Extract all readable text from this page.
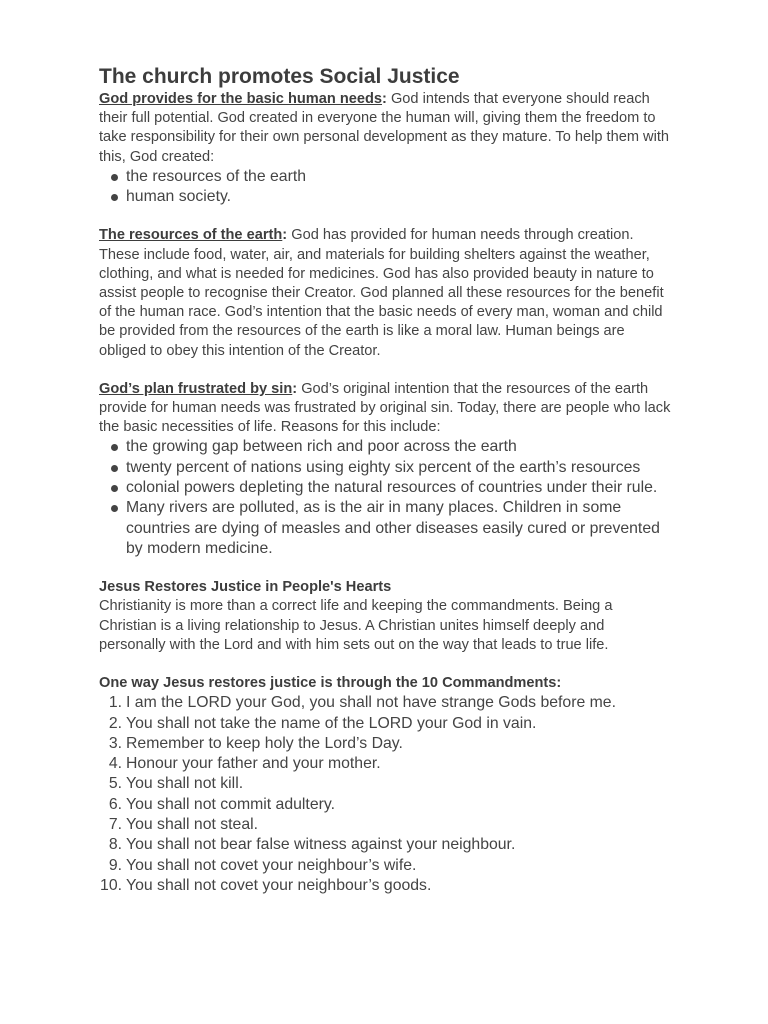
The church promotes Social Justice

God provides for the basic human needs: God intends that everyone should reach their full potential. God created in everyone the human will, giving them the freedom to take responsibility for their own personal development as they mature. To help them with this, God created:

the resources of the earth
human society.

The resources of the earth: God has provided for human needs through creation. These include food, water, air, and materials for building shelters against the weather, clothing, and what is needed for medicines. God has also provided beauty in nature to assist people to recognise their Creator. God planned all these resources for the benefit of the human race. God’s intention that the basic needs of every man, woman and child be provided from the resources of the earth is like a moral law. Human beings are obliged to obey this intention of the Creator.

God’s plan frustrated by sin: God’s original intention that the resources of the earth provide for human needs was frustrated by original sin. Today, there are people who lack the basic necessities of life. Reasons for this include:

the growing gap between rich and poor across the earth
twenty percent of nations using eighty six percent of the earth’s resources
colonial powers depleting the natural resources of countries under their rule.
Many rivers are polluted, as is the air in many places. Children in some countries are dying of measles and other diseases easily cured or prevented by modern medicine.

Jesus Restores Justice in People's Hearts

Christianity is more than a correct life and keeping the commandments. Being a Christian is a living relationship to Jesus. A Christian unites himself deeply and personally with the Lord and with him sets out on the way that leads to true life.

One way Jesus restores justice is through the 10 Commandments:

1. I am the LORD your God, you shall not have strange Gods before me.
2. You shall not take the name of the LORD your God in vain.
3. Remember to keep holy the Lord’s Day.
4. Honour your father and your mother.
5. You shall not kill.
6. You shall not commit adultery.
7. You shall not steal.
8. You shall not bear false witness against your neighbour.
9. You shall not covet your neighbour’s wife.
10. You shall not covet your neighbour’s goods.
